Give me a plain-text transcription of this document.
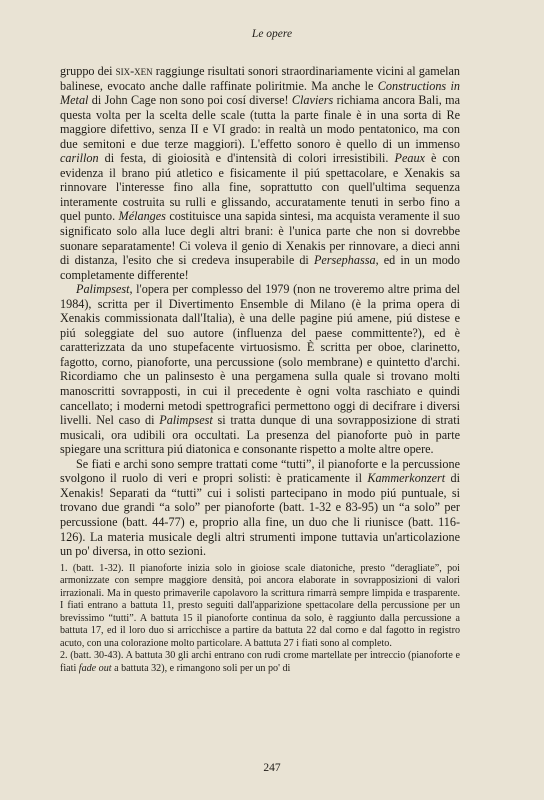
Le opere

gruppo dei six-xen raggiunge risultati sonori straordinariamente vicini al gamelan balinese, evocato anche dalle raffinate poliritmie. Ma anche le Constructions in Metal di John Cage non sono poi cosí diverse! Claviers richiama ancora Bali, ma questa volta per la scelta delle scale (tutta la parte finale è in una sorta di Re maggiore difettivo, senza II e VI grado: in realtà un modo pentatonico, ma con due semitoni e due terze maggiori). L'effetto sonoro è quello di un immenso carillon di festa, di gioiosità e d'intensità di colori irresistibili. Peaux è con evidenza il brano piú atletico e fisicamente il piú spettacolare, e Xenakis sa rinnovare l'interesse fino alla fine, soprattutto con quell'ultima sequenza interamente costruita su rulli e glissando, accuratamente tenuti in serbo fino a quel punto. Mélanges costituisce una sapida sintesi, ma acquista veramente il suo significato solo alla luce degli altri brani: è l'unica parte che non si dovrebbe suonare separatamente! Ci voleva il genio di Xenakis per rinnovare, a dieci anni di distanza, l'esito che si credeva insuperabile di Persephassa, ed in un modo completamente differente!

Palimpsest, l'opera per complesso del 1979 (non ne troveremo altre prima del 1984), scritta per il Divertimento Ensemble di Milano (è la prima opera di Xenakis commissionata dall'Italia), è una delle pagine piú amene, piú distese e piú soleggiate del suo autore (influenza del paese committente?), ed è caratterizzata da uno stupefacente virtuosismo. È scritta per oboe, clarinetto, fagotto, corno, pianoforte, una percussione (solo membrane) e quintetto d'archi. Ricordiamo che un palinsesto è una pergamena sulla quale si trovano molti manoscritti sovrapposti, in cui il precedente è ogni volta raschiato e quindi cancellato; i moderni metodi spettrografici permettono oggi di decifrare i diversi livelli. Nel caso di Palimpsest si tratta dunque di una sovrapposizione di strati musicali, ora udibili ora occultati. La presenza del pianoforte può in parte spiegare una scrittura piú diatonica e consonante rispetto a molte altre opere.

Se fiati e archi sono sempre trattati come “tutti”, il pianoforte e la percussione svolgono il ruolo di veri e propri solisti: è praticamente il Kammerkonzert di Xenakis! Separati da “tutti” cui i solisti partecipano in modo piú puntuale, si trovano due grandi “a solo” per pianoforte (batt. 1-32 e 83-95) un “a solo” per percussione (batt. 44-77) e, proprio alla fine, un duo che li riunisce (batt. 116-126). La materia musicale degli altri strumenti impone tuttavia un'articolazione un po' diversa, in otto sezioni.

1. (batt. 1-32). Il pianoforte inizia solo in gioiose scale diatoniche, presto “deragliate”, poi armonizzate con sempre maggiore densità, poi ancora elaborate in sovrapposizioni di valori irrazionali. Ma in questo primaverile capolavoro la scrittura rimarrà sempre limpida e trasparente. I fiati entrano a battuta 11, presto seguiti dall'apparizione spettacolare della percussione per un brevissimo “tutti”. A battuta 15 il pianoforte continua da solo, è raggiunto dalla percussione a battuta 17, ed il loro duo si arricchisce a partire da battuta 22 dal corno e dal fagotto in registro acuto, con una colorazione molto particolare. A battuta 27 i fiati sono al completo.

2. (batt. 30-43). A battuta 30 gli archi entrano con rudi crome martellate per intreccio (pianoforte e fiati fade out a battuta 32), e rimangono soli per un po' di

247
